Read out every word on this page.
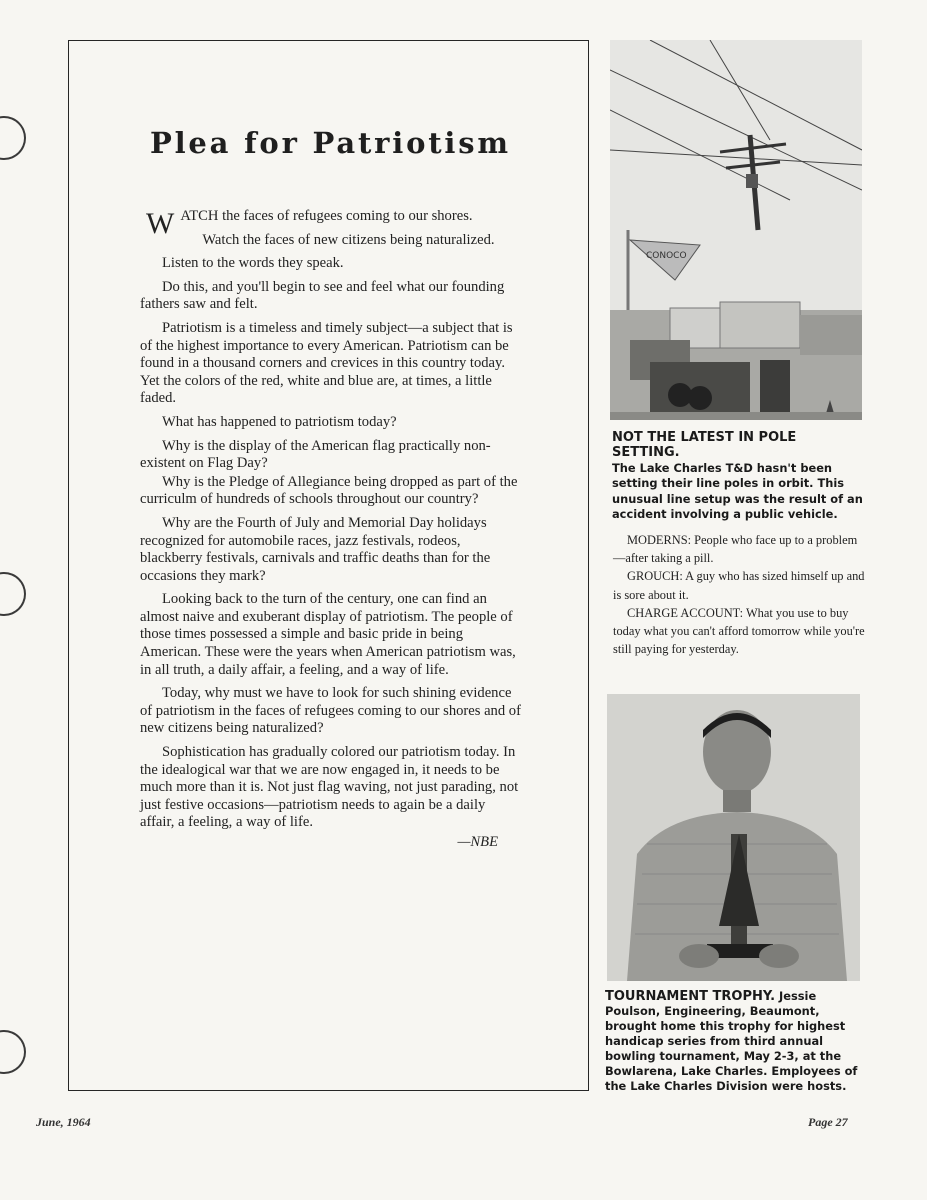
Plea for Patriotism

WATCH the faces of refugees coming to our shores.

Watch the faces of new citizens being naturalized.

Listen to the words they speak.

Do this, and you'll begin to see and feel what our founding fathers saw and felt.

Patriotism is a timeless and timely subject—a subject that is of the highest importance to every American. Patriotism can be found in a thousand corners and crevices in this country today. Yet the colors of the red, white and blue are, at times, a little faded.

What has happened to patriotism today?

Why is the display of the American flag practically non-existent on Flag Day?

Why is the Pledge of Allegiance being dropped as part of the curriculm of hundreds of schools throughout our country?

Why are the Fourth of July and Memorial Day holidays recognized for automobile races, jazz festivals, rodeos, blackberry festivals, carnivals and traffic deaths than for the occasions they mark?

Looking back to the turn of the century, one can find an almost naive and exuberant display of patriotism. The people of those times possessed a simple and basic pride in being American. These were the years when American patriotism was, in all truth, a daily affair, a feeling, and a way of life.

Today, why must we have to look for such shining evidence of patriotism in the faces of refugees coming to our shores and of new citizens being naturalized?

Sophistication has gradually colored our patriotism today. In the idealogical war that we are now engaged in, it needs to be much more than it is. Not just flag waving, not just parading, not just festive occasions—patriotism needs to again be a daily affair, a feeling, a way of life.

—NBE

CONOCO

NOT THE LATEST IN POLE SETTING.
The Lake Charles T&D hasn't been setting their line poles in orbit. This unusual line setup was the result of an accident involving a public vehicle.

MODERNS: People who face up to a problem—after taking a pill.

GROUCH: A guy who has sized himself up and is sore about it.

CHARGE ACCOUNT: What you use to buy today what you can't afford tomorrow while you're still paying for yesterday.

TOURNAMENT TROPHY. Jessie Poulson, Engineering, Beaumont, brought home this trophy for highest handicap series from third annual bowling tournament, May 2-3, at the Bowlarena, Lake Charles. Employees of the Lake Charles Division were hosts.

June, 1964	Page 27
